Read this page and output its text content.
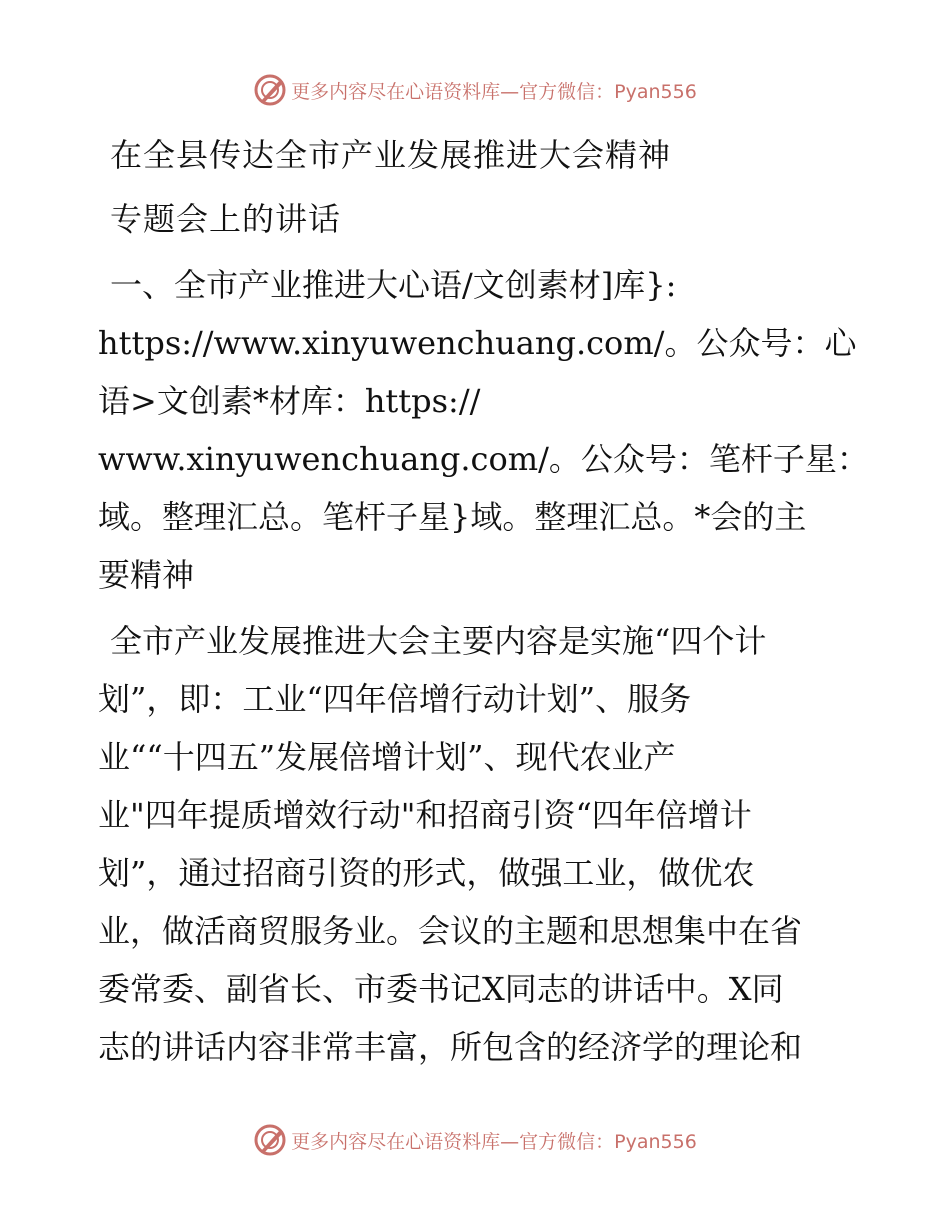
更多内容尽在心语资料库—官方微信：Pyan556

在全县传达全市产业发展推进大会精神

专题会上的讲话

一、全市产业推进大心语/文创素材]库}:
https://www.xinyuwenchuang.com/。公众号：心
语>文创素*材库：https://
www.xinyuwenchuang.com/。公众号：笔杆子星：
域。整理汇总。笔杆子星}域。整理汇总。*会的主
要精神

全市产业发展推进大会主要内容是实施“四个计
划”，即：工业“四年倍增行动计划”、服务
业““十四五”发展倍增计划”、现代农业产
业"四年提质增效行动"和招商引资“四年倍增计
划”，通过招商引资的形式，做强工业，做优农
业，做活商贸服务业。会议的主题和思想集中在省
委常委、副省长、市委书记X同志的讲话中。X同
志的讲话内容非常丰富，所包含的经济学的理论和

更多内容尽在心语资料库—官方微信：Pyan556
